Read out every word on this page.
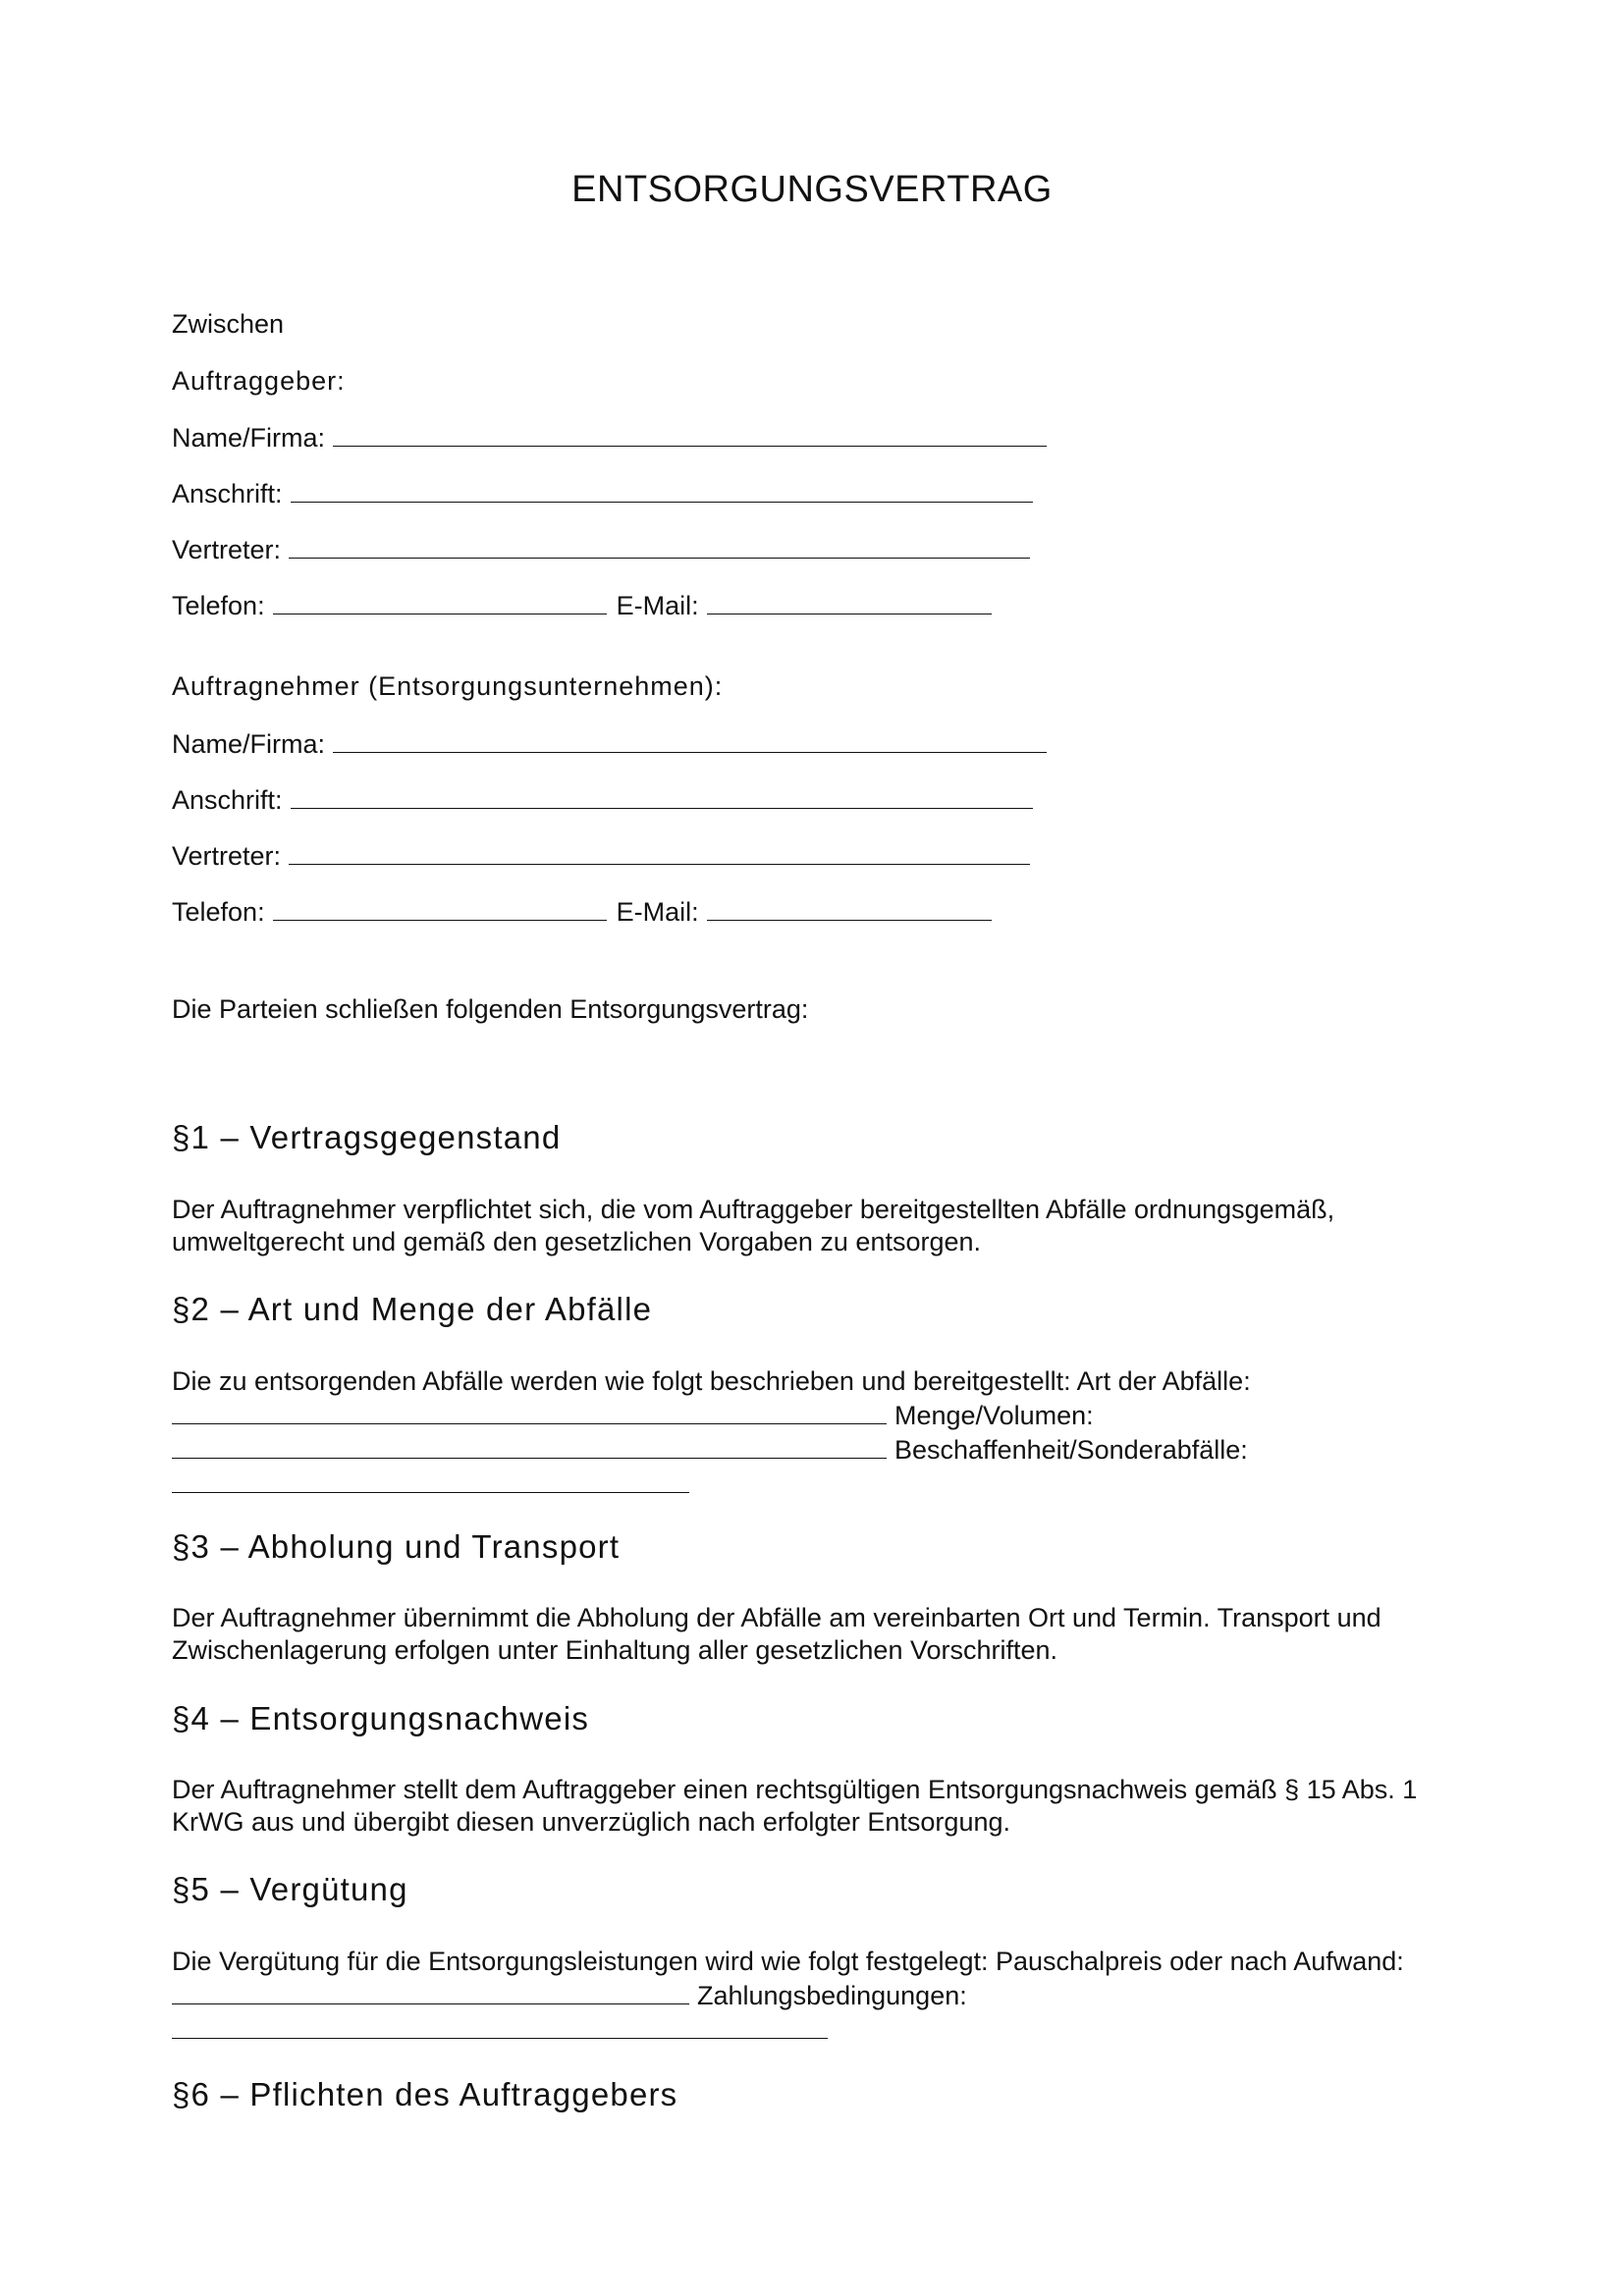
ENTSORGUNGSVERTRAG
Zwischen
Auftraggeber:
Name/Firma:
Anschrift:
Vertreter:
Telefon:	E-Mail:
Auftragnehmer (Entsorgungsunternehmen):
Name/Firma:
Anschrift:
Vertreter:
Telefon:	E-Mail:
Die Parteien schließen folgenden Entsorgungsvertrag:
§1 – Vertragsgegenstand

Der Auftragnehmer verpflichtet sich, die vom Auftraggeber bereitgestellten Abfälle ordnungsgemäß,

umweltgerecht und gemäß den gesetzlichen Vorgaben zu entsorgen.

§2 – Art und Menge der Abfälle

Die zu entsorgenden Abfälle werden wie folgt beschrieben und bereitgestellt: Art der Abfälle:

Menge/Volumen:

Beschaffenheit/Sonderabfälle:

§3 – Abholung und Transport

Der Auftragnehmer übernimmt die Abholung der Abfälle am vereinbarten Ort und Termin. Transport und

Zwischenlagerung erfolgen unter Einhaltung aller gesetzlichen Vorschriften.

§4 – Entsorgungsnachweis

Der Auftragnehmer stellt dem Auftraggeber einen rechtsgültigen Entsorgungsnachweis gemäß § 15 Abs. 1

KrWG aus und übergibt diesen unverzüglich nach erfolgter Entsorgung.

§5 – Vergütung

Die Vergütung für die Entsorgungsleistungen wird wie folgt festgelegt: Pauschalpreis oder nach Aufwand:

Zahlungsbedingungen:

§6 – Pflichten des Auftraggebers
